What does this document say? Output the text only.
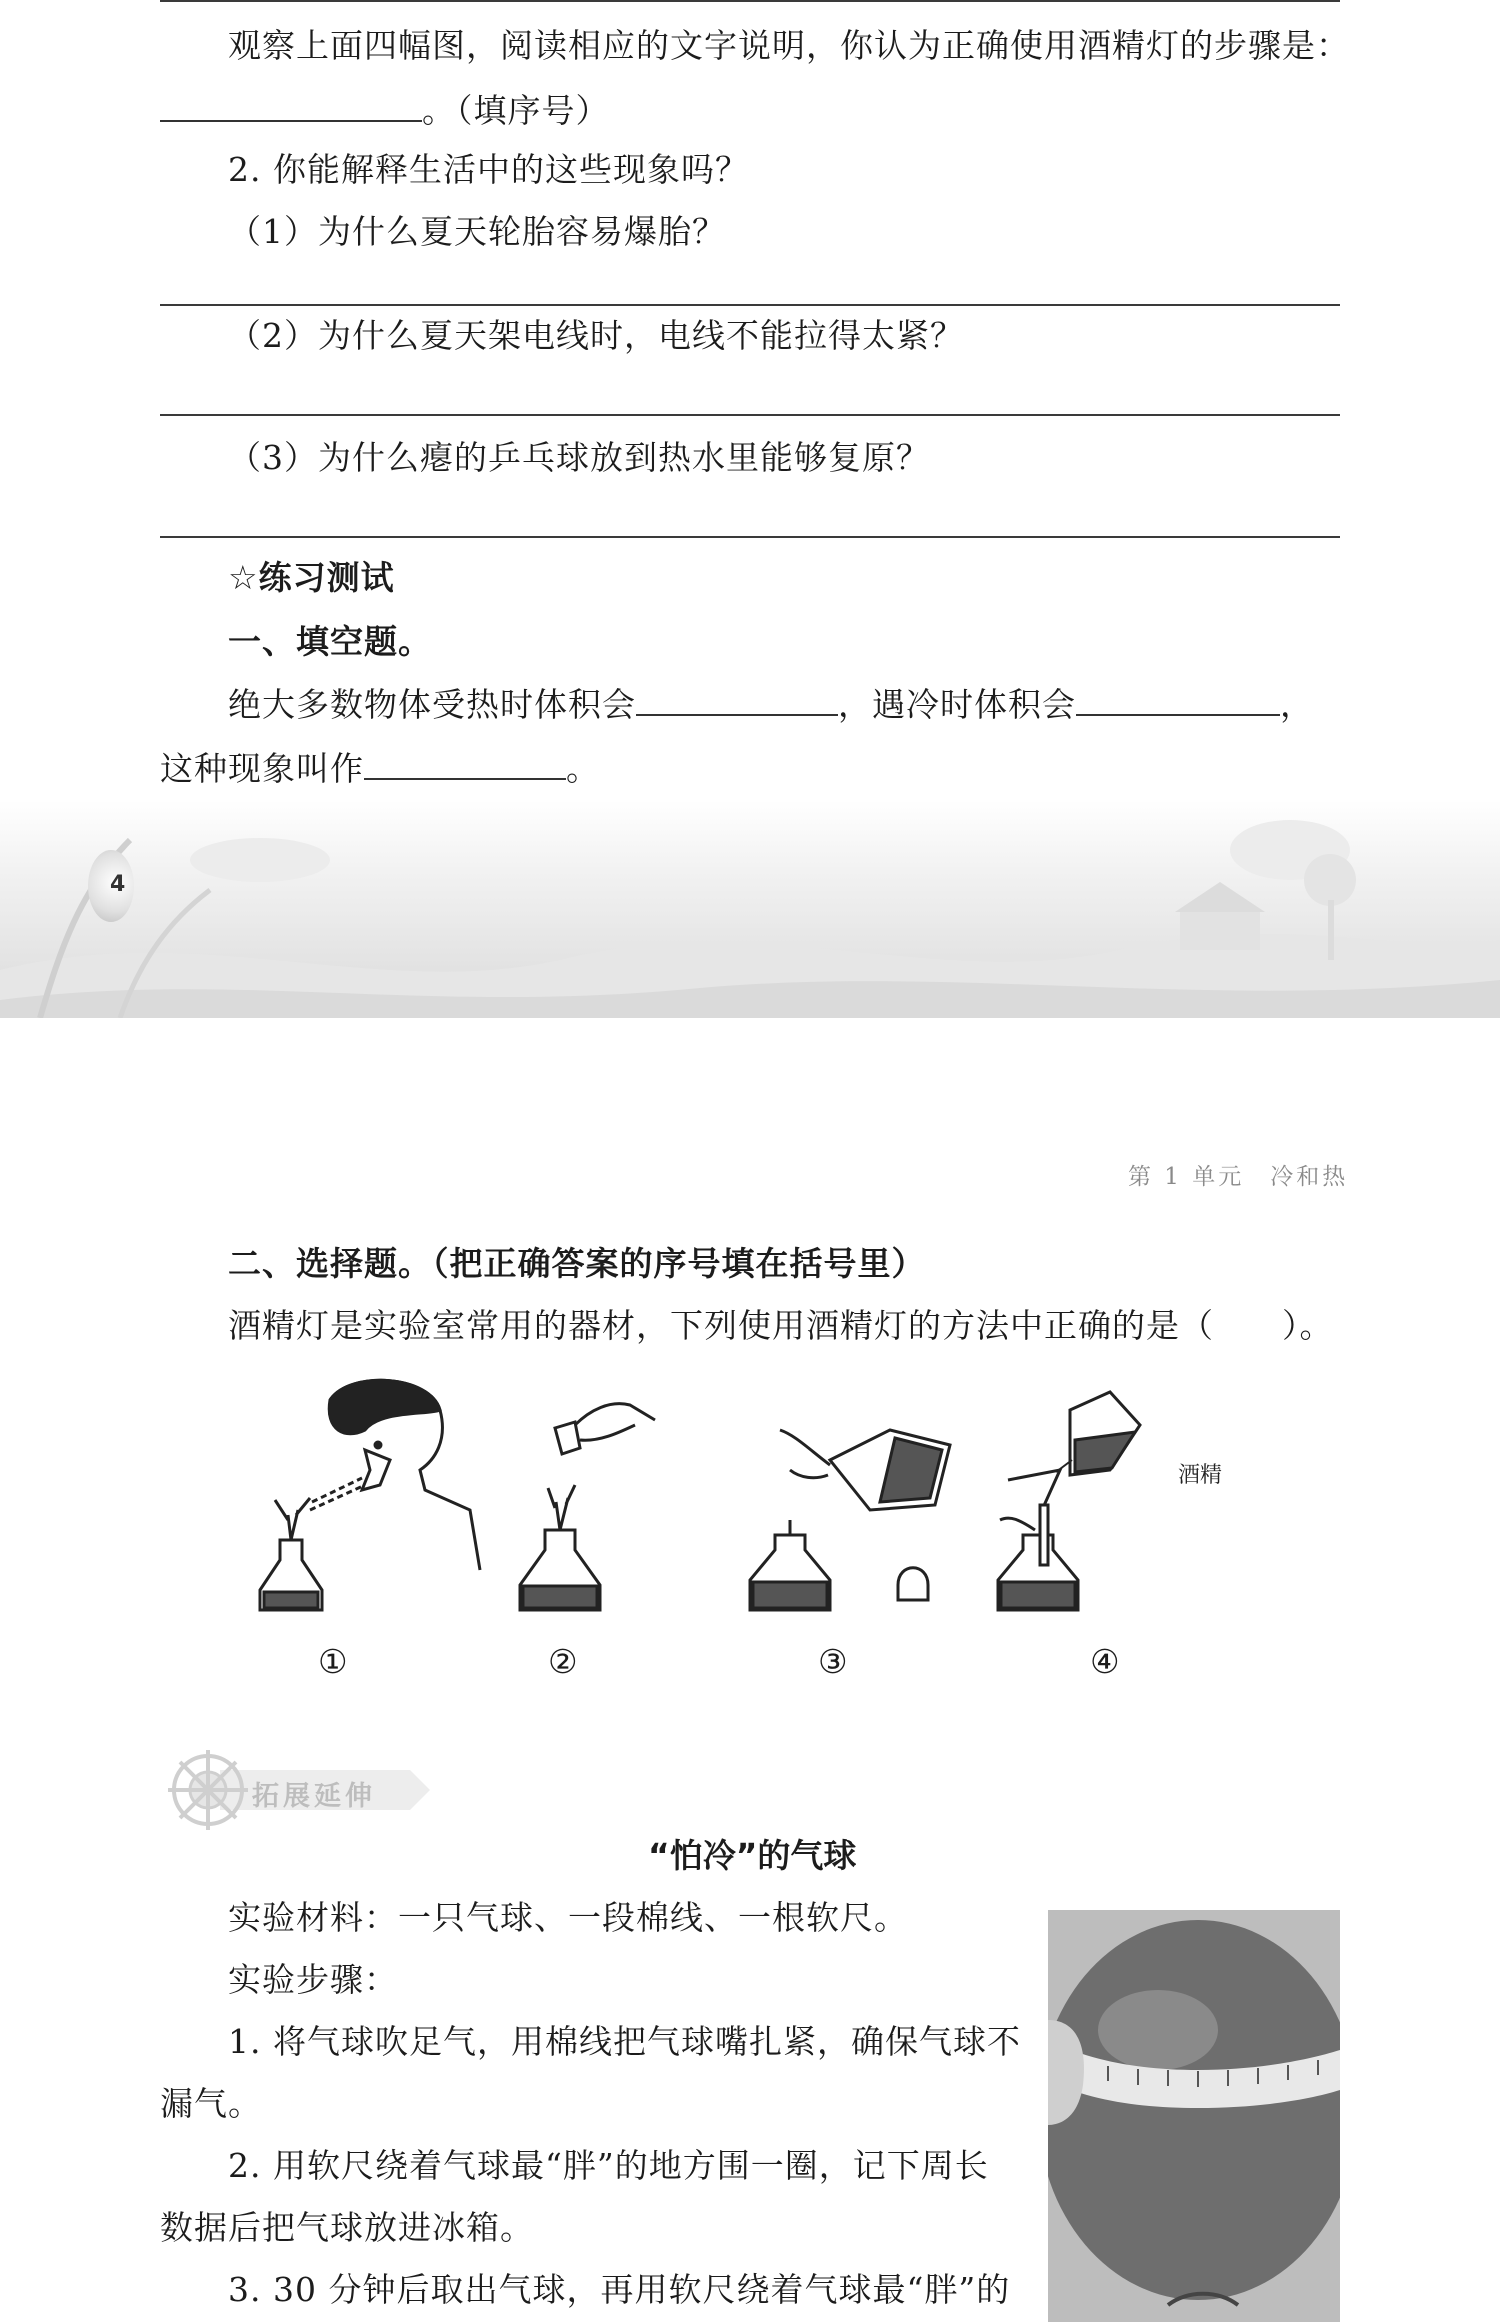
观察上面四幅图，阅读相应的文字说明，你认为正确使用酒精灯的步骤是：
。（填序号）
2. 你能解释生活中的这些现象吗？
（1）为什么夏天轮胎容易爆胎？
（2）为什么夏天架电线时，电线不能拉得太紧？
（3）为什么瘪的乒乓球放到热水里能够复原？
☆练习测试
一、填空题。
绝大多数物体受热时体积会	，遇冷时体积会	，
这种现象叫作	。
4
第 1 单元　冷和热
二、选择题。（把正确答案的序号填在括号里）
酒精灯是实验室常用的器材，下列使用酒精灯的方法中正确的是（　　）。
酒精
①	②	③	④
拓展延伸
“怕冷”的气球
实验材料：一只气球、一段棉线、一根软尺。
实验步骤：
1. 将气球吹足气，用棉线把气球嘴扎紧，确保气球不
漏气。
2. 用软尺绕着气球最“胖”的地方围一圈，记下周长
数据后把气球放进冰箱。
3. 30 分钟后取出气球，再用软尺绕着气球最“胖”的
